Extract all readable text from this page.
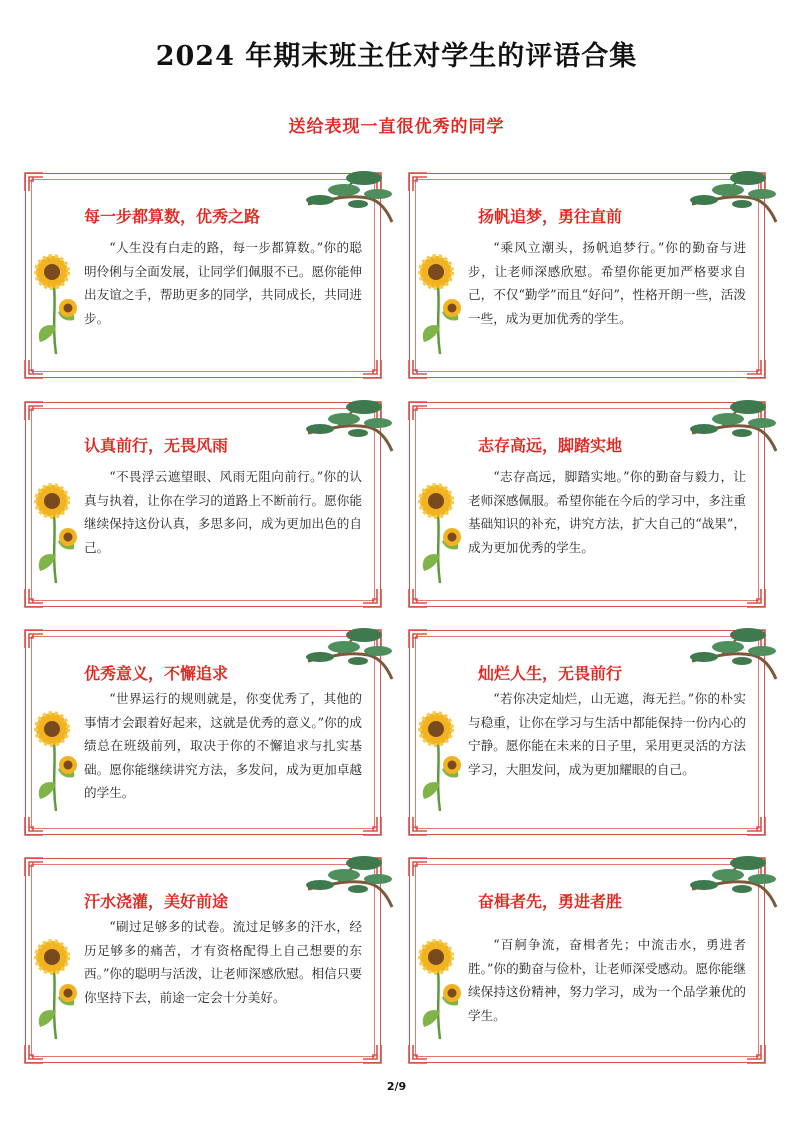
2024 年期末班主任对学生的评语合集
送给表现一直很优秀的同学
每一步都算数，优秀之路
“人生没有白走的路，每一步都算数。”你的聪明伶俐与全面发展，让同学们佩服不已。愿你能伸出友谊之手，帮助更多的同学，共同成长，共同进步。
扬帆追梦，勇往直前
“乘风立潮头，扬帆追梦行。”你的勤奋与进步，让老师深感欣慰。希望你能更加严格要求自己，不仅“勤学”而且“好问”，性格开朗一些，活泼一些，成为更加优秀的学生。
认真前行，无畏风雨
“不畏浮云遮望眼、风雨无阻向前行。”你的认真与执着，让你在学习的道路上不断前行。愿你能继续保持这份认真，多思多问，成为更加出色的自己。
志存高远，脚踏实地
“志存高远，脚踏实地。”你的勤奋与毅力，让老师深感佩服。希望你能在今后的学习中，多注重基础知识的补充，讲究方法，扩大自己的“战果”，成为更加优秀的学生。
优秀意义，不懈追求
“世界运行的规则就是，你变优秀了，其他的事情才会跟着好起来，这就是优秀的意义。”你的成绩总在班级前列，取决于你的不懈追求与扎实基础。愿你能继续讲究方法，多发问，成为更加卓越的学生。
灿烂人生，无畏前行
“若你决定灿烂，山无遮，海无拦。”你的朴实与稳重，让你在学习与生活中都能保持一份内心的宁静。愿你能在未来的日子里，采用更灵活的方法学习，大胆发问，成为更加耀眼的自己。
汗水浇灌，美好前途
“刷过足够多的试卷。流过足够多的汗水，经历足够多的痛苦，才有资格配得上自己想要的东西。”你的聪明与活泼，让老师深感欣慰。相信只要你坚持下去，前途一定会十分美好。
奋楫者先，勇进者胜
“百舸争流，奋楫者先；中流击水，勇进者胜。”你的勤奋与俭朴，让老师深受感动。愿你能继续保持这份精神，努力学习，成为一个品学兼优的学生。
2/9
